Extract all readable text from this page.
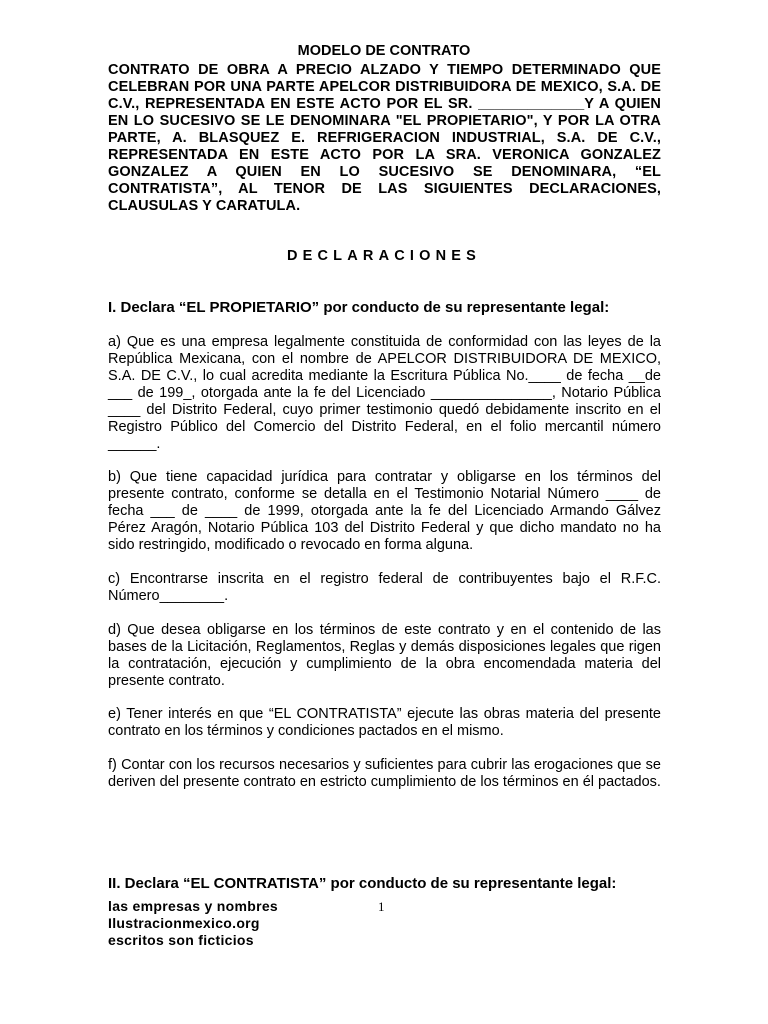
MODELO DE CONTRATO
CONTRATO DE OBRA A PRECIO ALZADO Y TIEMPO DETERMINADO QUE CELEBRAN POR UNA PARTE APELCOR DISTRIBUIDORA DE MEXICO, S.A. DE C.V., REPRESENTADA EN ESTE ACTO POR EL SR. _____________Y A QUIEN EN LO SUCESIVO SE LE DENOMINARA "EL PROPIETARIO", Y POR LA OTRA PARTE, A. BLASQUEZ E. REFRIGERACION INDUSTRIAL, S.A. DE C.V., REPRESENTADA EN ESTE ACTO POR LA SRA. VERONICA GONZALEZ GONZALEZ A QUIEN EN LO SUCESIVO SE DENOMINARA, “EL CONTRATISTA”, AL TENOR DE LAS SIGUIENTES DECLARACIONES, CLAUSULAS Y CARATULA.
DECLARACIONES
I. Declara “EL PROPIETARIO” por conducto de su representante legal:
a) Que es una empresa legalmente constituida de conformidad con las leyes de la República Mexicana, con el nombre de APELCOR DISTRIBUIDORA DE MEXICO, S.A. DE C.V., lo cual acredita mediante la Escritura Pública No.____ de fecha __de ___ de 199_, otorgada ante la fe del Licenciado _______________, Notario Pública ____ del Distrito Federal, cuyo primer testimonio quedó debidamente inscrito en el Registro Público del Comercio del Distrito Federal, en el folio mercantil número ______.
b) Que tiene capacidad jurídica para contratar y obligarse en los términos del presente contrato, conforme se detalla en el Testimonio Notarial Número ____ de fecha ___ de ____ de 1999, otorgada ante la fe del Licenciado Armando Gálvez Pérez Aragón, Notario Pública 103 del Distrito Federal y que dicho mandato no ha sido restringido, modificado o revocado en forma alguna.
c) Encontrarse inscrita en el registro federal de contribuyentes bajo el R.F.C. Número________.
d) Que desea obligarse en los términos de este contrato y en el contenido de las bases de la Licitación, Reglamentos, Reglas y demás disposiciones legales que rigen la contratación, ejecución y cumplimiento de la obra encomendada materia del presente contrato.
e) Tener interés en que “EL CONTRATISTA” ejecute las obras materia del presente contrato en los términos y condiciones pactados en el mismo.
f) Contar con los recursos necesarios y suficientes para cubrir las erogaciones que se deriven del presente contrato en estricto cumplimiento de los términos en él pactados.
II. Declara “EL CONTRATISTA” por conducto de su representante legal:
las empresas y nombres
Ilustracionmexico.org
escritos son ficticios
1
